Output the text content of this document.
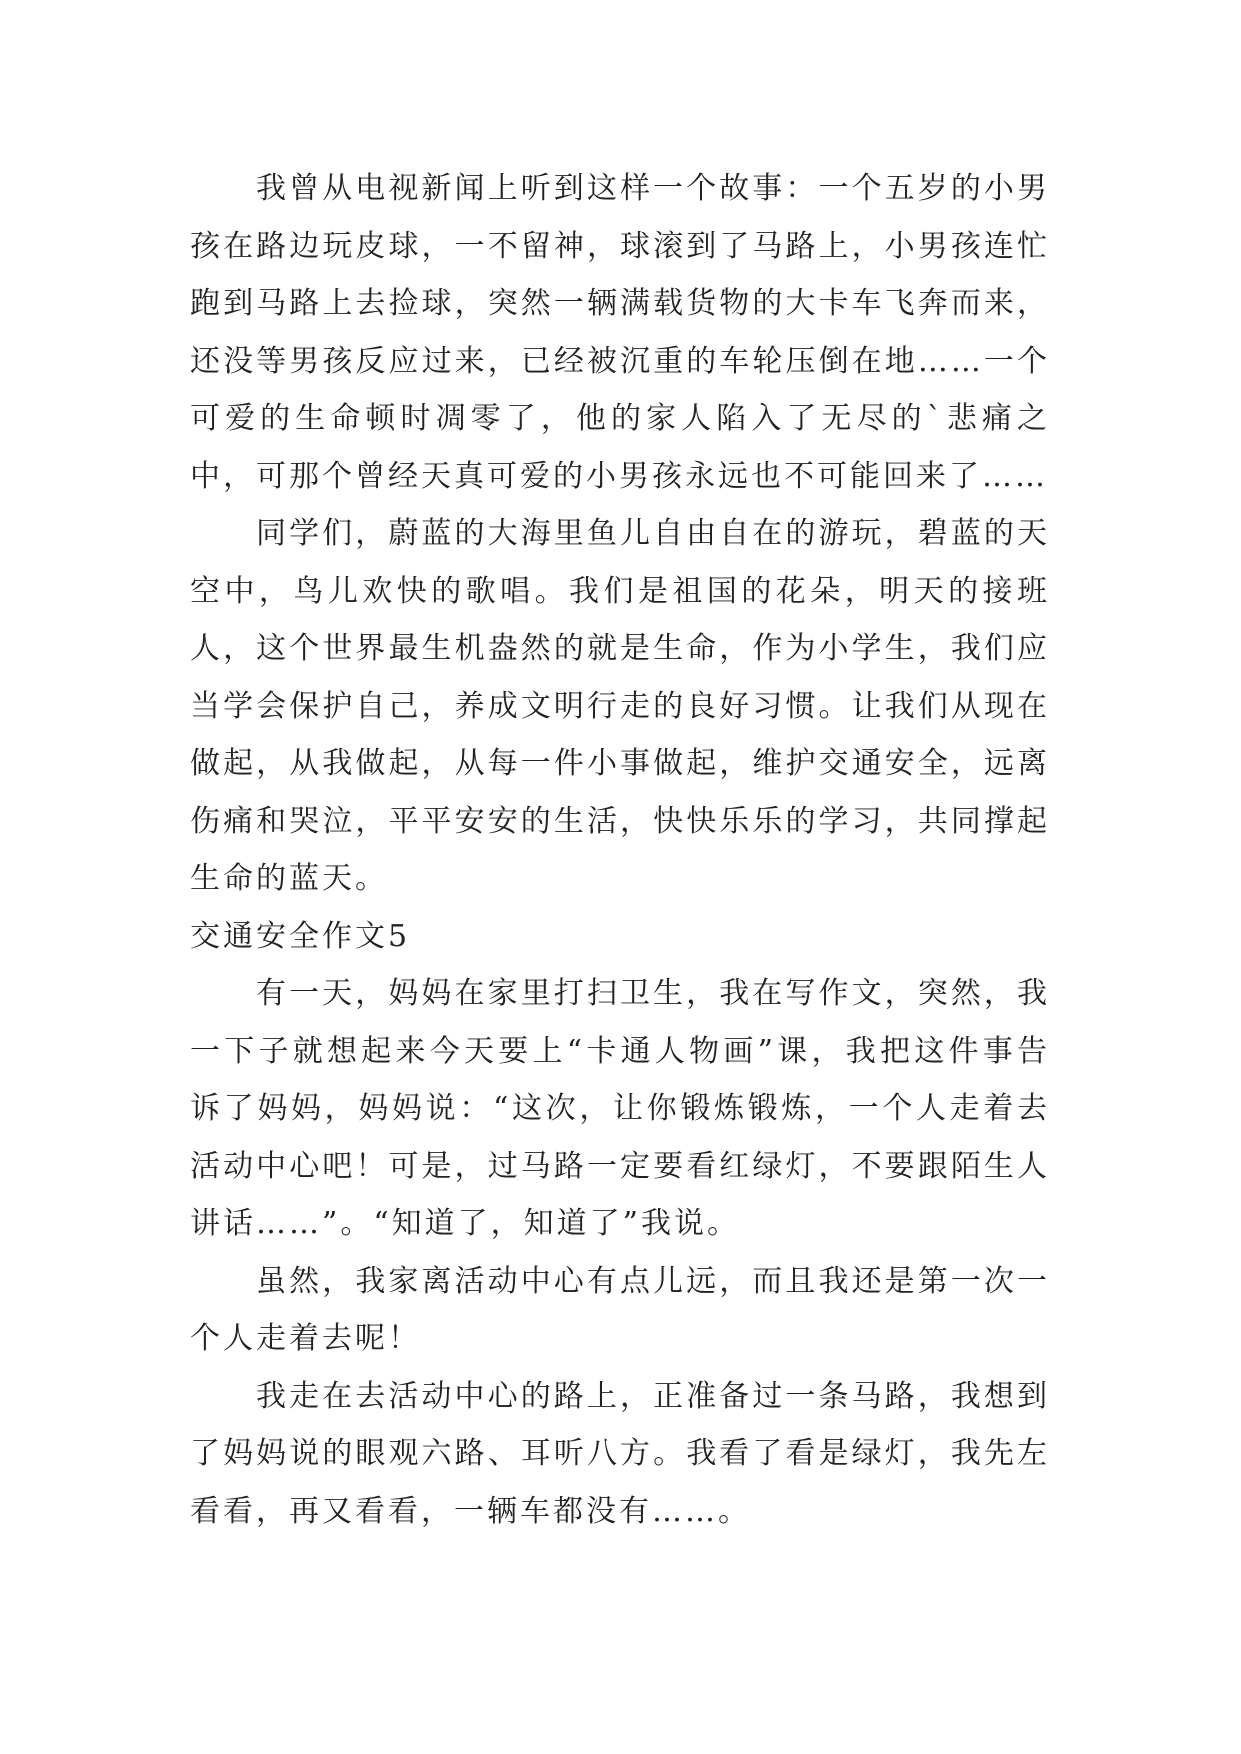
我曾从电视新闻上听到这样一个故事：一个五岁的小男孩在路边玩皮球，一不留神，球滚到了马路上，小男孩连忙跑到马路上去捡球，突然一辆满载货物的大卡车飞奔而来，还没等男孩反应过来，已经被沉重的车轮压倒在地……一个可爱的生命顿时凋零了，他的家人陷入了无尽的`悲痛之中，可那个曾经天真可爱的小男孩永远也不可能回来了……

同学们，蔚蓝的大海里鱼儿自由自在的游玩，碧蓝的天空中，鸟儿欢快的歌唱。我们是祖国的花朵，明天的接班人，这个世界最生机盎然的就是生命，作为小学生，我们应当学会保护自己，养成文明行走的良好习惯。让我们从现在做起，从我做起，从每一件小事做起，维护交通安全，远离伤痛和哭泣，平平安安的生活，快快乐乐的学习，共同撑起生命的蓝天。

交通安全作文5

有一天，妈妈在家里打扫卫生，我在写作文，突然，我一下子就想起来今天要上“卡通人物画”课，我把这件事告诉了妈妈，妈妈说：“这次，让你锻炼锻炼，一个人走着去活动中心吧！可是，过马路一定要看红绿灯，不要跟陌生人讲话……”。“知道了，知道了”我说。

虽然，我家离活动中心有点儿远，而且我还是第一次一个人走着去呢！

我走在去活动中心的路上，正准备过一条马路，我想到了妈妈说的眼观六路、耳听八方。我看了看是绿灯，我先左看看，再又看看，一辆车都没有……。
